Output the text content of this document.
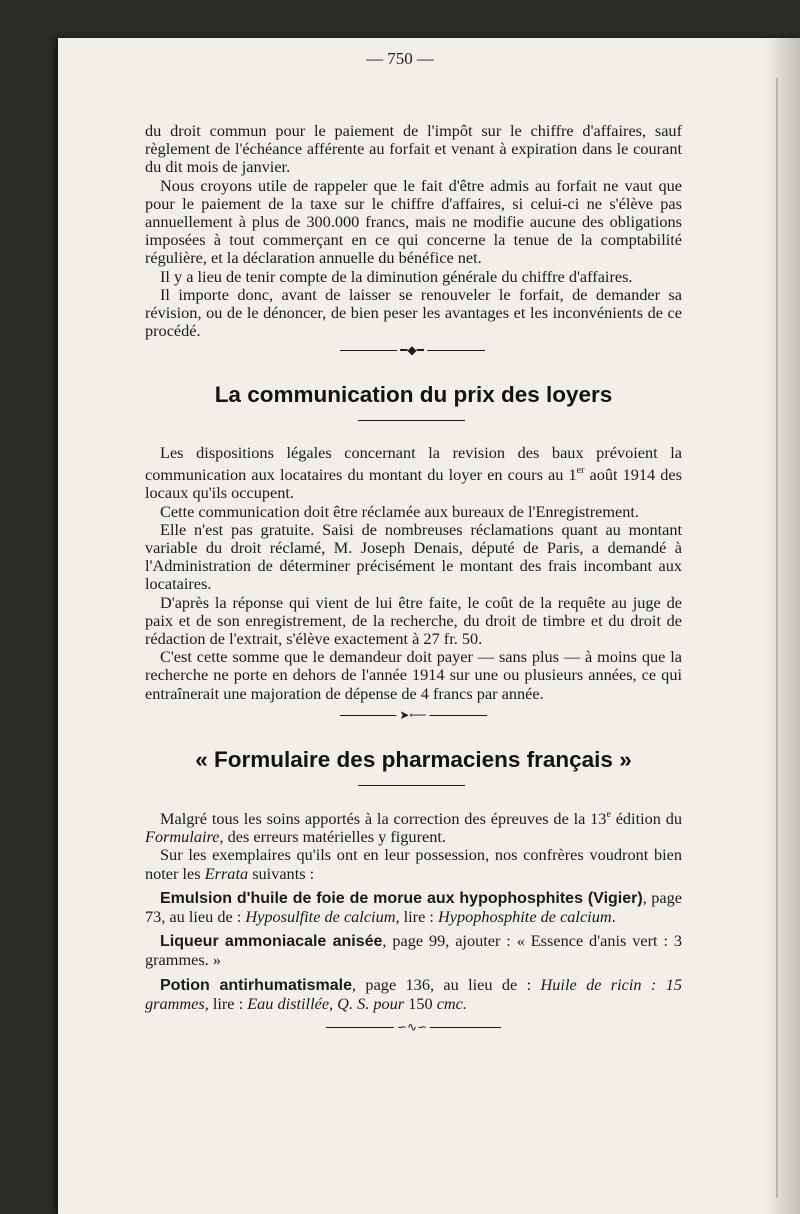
— 750 —

du droit commun pour le paiement de l'impôt sur le chiffre d'affaires, sauf règlement de l'échéance afférente au forfait et venant à expiration dans le courant du dit mois de janvier.

Nous croyons utile de rappeler que le fait d'être admis au forfait ne vaut que pour le paiement de la taxe sur le chiffre d'affaires, si celui-ci ne s'élève pas annuellement à plus de 300.000 francs, mais ne modifie aucune des obligations imposées à tout commerçant en ce qui concerne la tenue de la comptabilité régulière, et la déclaration annuelle du bénéfice net.

Il y a lieu de tenir compte de la diminution générale du chiffre d'affaires.

Il importe donc, avant de laisser se renouveler le forfait, de demander sa révision, ou de le dénoncer, de bien peser les avantages et les inconvénients de ce procédé.

━◆━
La communication du prix des loyers

Les dispositions légales concernant la revision des baux prévoient la communication aux locataires du montant du loyer en cours au 1er août 1914 des locaux qu'ils occupent.

Cette communication doit être réclamée aux bureaux de l'Enregistrement.

Elle n'est pas gratuite. Saisi de nombreuses réclamations quant au montant variable du droit réclamé, M. Joseph Denais, député de Paris, a demandé à l'Administration de déterminer précisément le montant des frais incombant aux locataires.

D'après la réponse qui vient de lui être faite, le coût de la requête au juge de paix et de son enregistrement, de la recherche, du droit de timbre et du droit de rédaction de l'extrait, s'élève exactement à 27 fr. 50.

C'est cette somme que le demandeur doit payer — sans plus — à moins que la recherche ne porte en dehors de l'année 1914 sur une ou plusieurs années, ce qui entraînerait une majoration de dépense de 4 francs par année.

➤⟵
« Formulaire des pharmaciens français »

Malgré tous les soins apportés à la correction des épreuves de la 13e édition du Formulaire, des erreurs matérielles y figurent.

Sur les exemplaires qu'ils ont en leur possession, nos confrères voudront bien noter les Errata suivants :

Emulsion d'huile de foie de morue aux hypophosphites (Vigier), page 73, au lieu de : Hyposulfite de calcium, lire : Hypophosphite de calcium.

Liqueur ammoniacale anisée, page 99, ajouter : « Essence d'anis vert : 3 grammes. »

Potion antirhumatismale, page 136, au lieu de : Huile de ricin : 15 grammes, lire : Eau distillée, Q. S. pour 150 cmc.

∽∿∽
